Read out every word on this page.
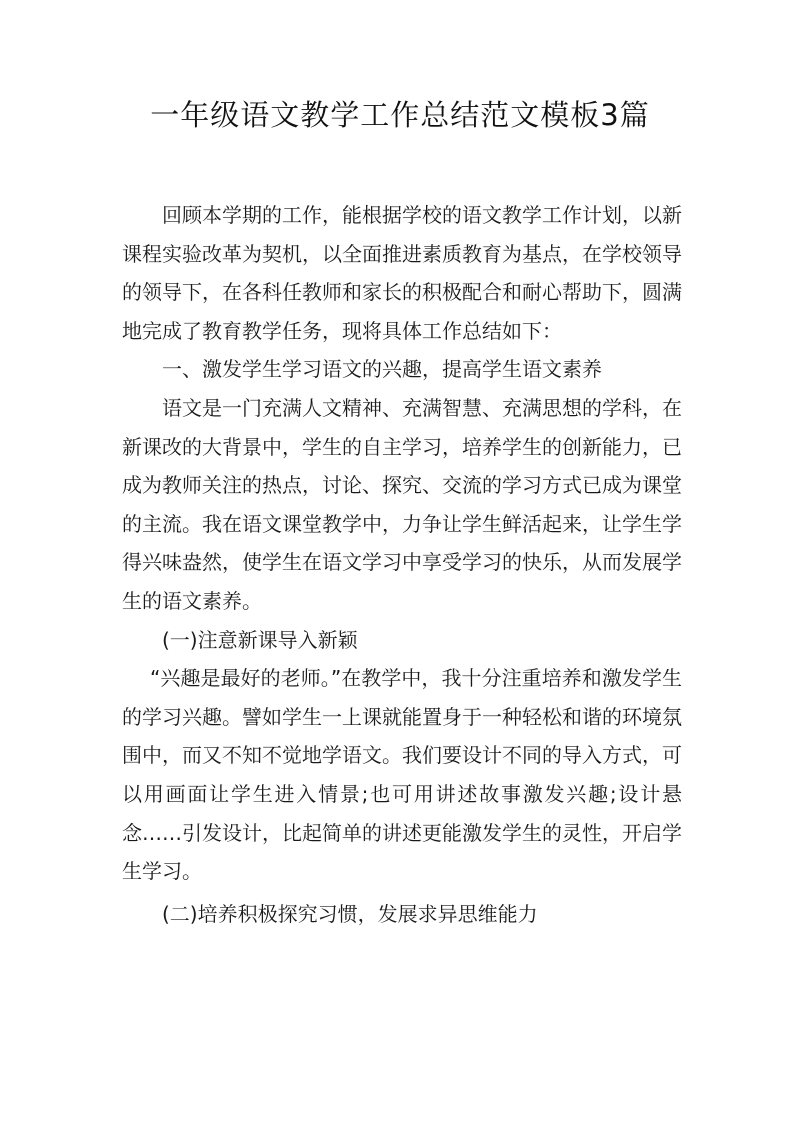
一年级语文教学工作总结范文模板3篇

回顾本学期的工作，能根据学校的语文教学工作计划，以新课程实验改革为契机，以全面推进素质教育为基点，在学校领导的领导下，在各科任教师和家长的积极配合和耐心帮助下，圆满地完成了教育教学任务，现将具体工作总结如下：

一、激发学生学习语文的兴趣，提高学生语文素养

语文是一门充满人文精神、充满智慧、充满思想的学科，在新课改的大背景中，学生的自主学习，培养学生的创新能力，已成为教师关注的热点，讨论、探究、交流的学习方式已成为课堂的主流。我在语文课堂教学中，力争让学生鲜活起来，让学生学得兴味盎然，使学生在语文学习中享受学习的快乐，从而发展学生的语文素养。

(一)注意新课导入新颖

“兴趣是最好的老师。”在教学中，我十分注重培养和激发学生的学习兴趣。譬如学生一上课就能置身于一种轻松和谐的环境氛围中，而又不知不觉地学语文。我们要设计不同的导入方式，可以用画面让学生进入情景;也可用讲述故事激发兴趣;设计悬念……引发设计，比起简单的讲述更能激发学生的灵性，开启学生学习。

(二)培养积极探究习惯，发展求异思维能力
